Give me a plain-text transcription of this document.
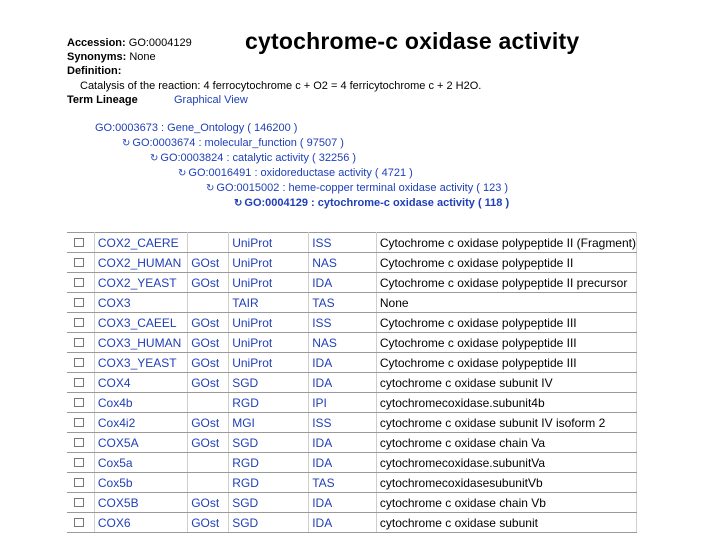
Accession: GO:0004129
Synonyms: None
Definition:
Catalysis of the reaction: 4 ferrocytochrome c + O2 = 4 ferricytochrome c + 2 H2O.
Term Lineage	Graphical View
cytochrome-c oxidase activity
GO:0003673 : Gene_Ontology ( 146200 )
↻ GO:0003674 : molecular_function ( 97507 )
↻ GO:0003824 : catalytic activity ( 32256 )
↻ GO:0016491 : oxidoreductase activity ( 4721 )
↻ GO:0015002 : heme-copper terminal oxidase activity ( 123 )
↻ GO:0004129 : cytochrome-c oxidase activity ( 118 )
	COX2_CAERE		UniProt	ISS	Cytochrome c oxidase polypeptide II (Fragment)
	COX2_HUMAN	GOst	UniProt	NAS	Cytochrome c oxidase polypeptide II
	COX2_YEAST	GOst	UniProt	IDA	Cytochrome c oxidase polypeptide II precursor
	COX3		TAIR	TAS	None
	COX3_CAEEL	GOst	UniProt	ISS	Cytochrome c oxidase polypeptide III
	COX3_HUMAN	GOst	UniProt	NAS	Cytochrome c oxidase polypeptide III
	COX3_YEAST	GOst	UniProt	IDA	Cytochrome c oxidase polypeptide III
	COX4	GOst	SGD	IDA	cytochrome c oxidase subunit IV
	Cox4b		RGD	IPI	cytochromecoxidase.subunit4b
	Cox4i2	GOst	MGI	ISS	cytochrome c oxidase subunit IV isoform 2
	COX5A	GOst	SGD	IDA	cytochrome c oxidase chain Va
	Cox5a		RGD	IDA	cytochromecoxidase.subunitVa
	Cox5b		RGD	TAS	cytochromecoxidasesubunitVb
	COX5B	GOst	SGD	IDA	cytochrome c oxidase chain Vb
	COX6	GOst	SGD	IDA	cytochrome c oxidase subunit
